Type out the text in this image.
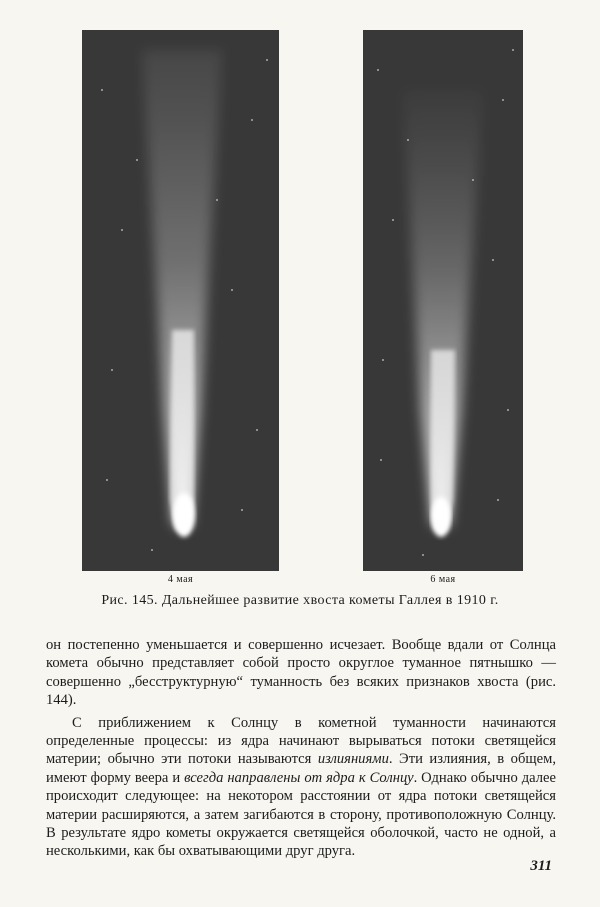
4 мая	6 мая
Рис. 145. Дальнейшее развитие хвоста кометы Галлея в 1910 г.

он постепенно уменьшается и совершенно исчезает. Вообще вдали от Солнца комета обычно представляет собой просто округлое туманное пятнышко — совершенно „бесструктурную“ туманность без всяких признаков хвоста (рис. 144).

С приближением к Солнцу в кометной туманности начинаются определенные процессы: из ядра начинают вырываться потоки светящейся материи; обычно эти потоки называются излияниями. Эти излияния, в общем, имеют форму веера и всегда направлены от ядра к Солнцу. Однако обычно далее происходит следующее: на некотором расстоянии от ядра потоки светящейся материи расширяются, а затем загибаются в сторону, противоположную Солнцу. В результате ядро кометы окружается светящейся оболочкой, часто не одной, а несколькими, как бы охватывающими друг друга.

311
